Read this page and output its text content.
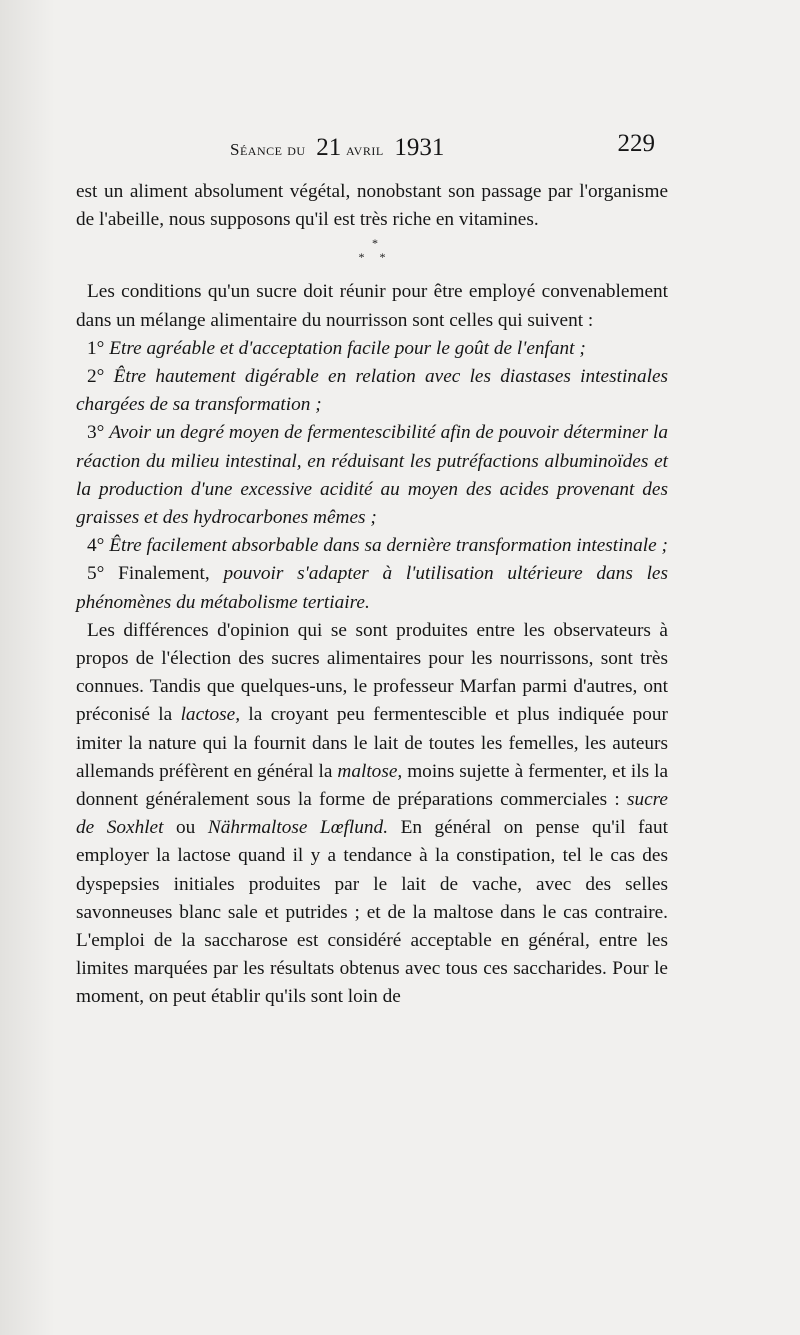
Séance du 21 avril 1931	229

est un aliment absolument végétal, nonobstant son passage par l'organisme de l'abeille, nous supposons qu'il est très riche en vitamines.

*
* *

Les conditions qu'un sucre doit réunir pour être employé convenablement dans un mélange alimentaire du nourrisson sont celles qui suivent :

1° Etre agréable et d'acceptation facile pour le goût de l'enfant ;

2° Être hautement digérable en relation avec les diastases intestinales chargées de sa transformation ;

3° Avoir un degré moyen de fermentescibilité afin de pouvoir déterminer la réaction du milieu intestinal, en réduisant les putréfactions albuminoïdes et la production d'une excessive acidité au moyen des acides provenant des graisses et des hydrocarbones mêmes ;

4° Être facilement absorbable dans sa dernière transformation intestinale ;

5° Finalement, pouvoir s'adapter à l'utilisation ultérieure dans les phénomènes du métabolisme tertiaire.

Les différences d'opinion qui se sont produites entre les observateurs à propos de l'élection des sucres alimentaires pour les nourrissons, sont très connues. Tandis que quelques-uns, le professeur Marfan parmi d'autres, ont préconisé la lactose, la croyant peu fermentescible et plus indiquée pour imiter la nature qui la fournit dans le lait de toutes les femelles, les auteurs allemands préfèrent en général la maltose, moins sujette à fermenter, et ils la donnent généralement sous la forme de préparations commerciales : sucre de Soxhlet ou Nährmaltose Lœflund. En général on pense qu'il faut employer la lactose quand il y a tendance à la constipation, tel le cas des dyspepsies initiales produites par le lait de vache, avec des selles savonneuses blanc sale et putrides ; et de la maltose dans le cas contraire. L'emploi de la saccharose est considéré acceptable en général, entre les limites marquées par les résultats obtenus avec tous ces saccharides. Pour le moment, on peut établir qu'ils sont loin de
